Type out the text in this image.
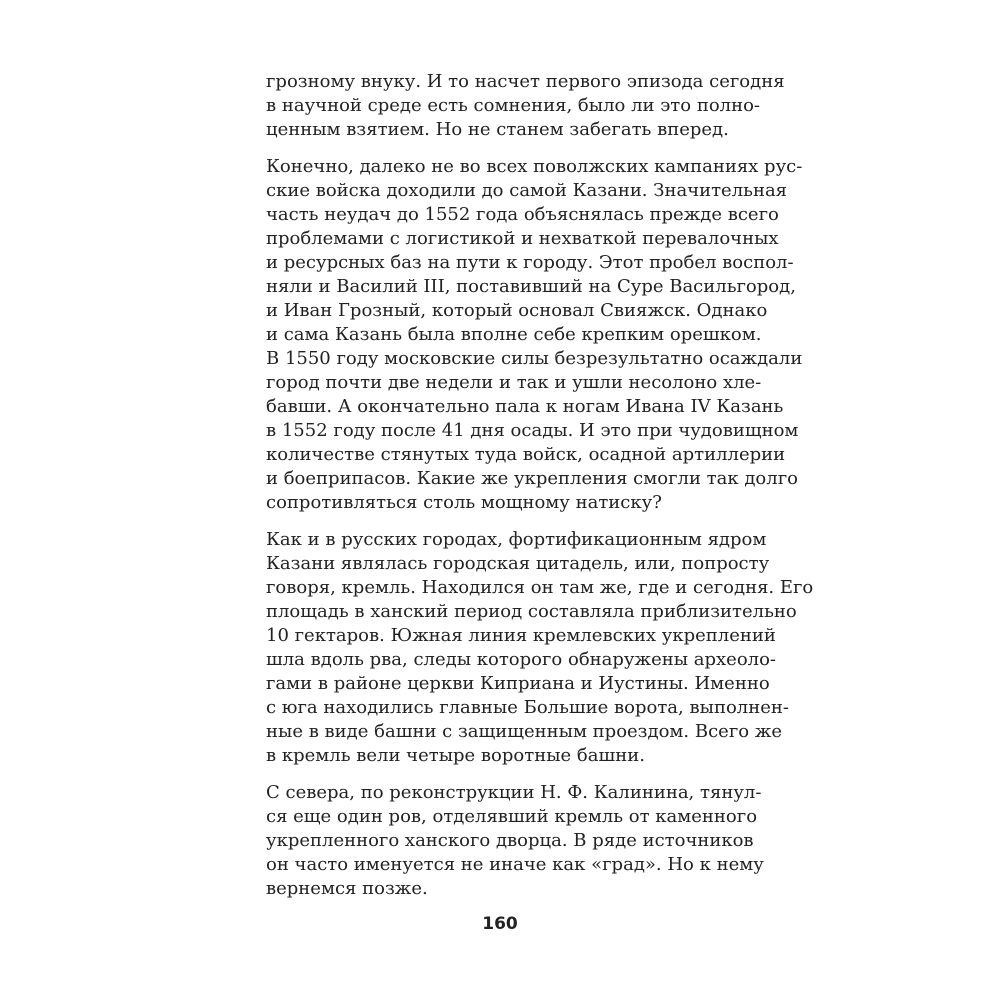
грозному внуку. И то насчет первого эпизода сегодня
в научной среде есть сомнения, было ли это полно-
ценным взятием. Но не станем забегать вперед.
Конечно, далеко не во всех поволжских кампаниях рус-
ские войска доходили до самой Казани. Значительная
часть неудач до 1552 года объяснялась прежде всего
проблемами с логистикой и нехваткой перевалочных
и ресурсных баз на пути к городу. Этот пробел воспол-
няли и Василий III, поставивший на Суре Васильгород,
и Иван Грозный, который основал Свияжск. Однако
и сама Казань была вполне себе крепким орешком.
В 1550 году московские силы безрезультатно осаждали
город почти две недели и так и ушли несолоно хле-
бавши. А окончательно пала к ногам Ивана IV Казань
в 1552 году после 41 дня осады. И это при чудовищном
количестве стянутых туда войск, осадной артиллерии
и боеприпасов. Какие же укрепления смогли так долго
сопротивляться столь мощному натиску?
Как и в русских городах, фортификационным ядром
Казани являлась городская цитадель, или, попросту
говоря, кремль. Находился он там же, где и сегодня. Его
площадь в ханский период составляла приблизительно
10 гектаров. Южная линия кремлевских укреплений
шла вдоль рва, следы которого обнаружены археоло-
гами в районе церкви Киприана и Иустины. Именно
с юга находились главные Большие ворота, выполнен-
ные в виде башни с защищенным проездом. Всего же
в кремль вели четыре воротные башни.
С севера, по реконструкции Н. Ф. Калинина, тянул-
ся еще один ров, отделявший кремль от каменного
укрепленного ханского дворца. В ряде источников
он часто именуется не иначе как «град». Но к нему
вернемся позже.
160
